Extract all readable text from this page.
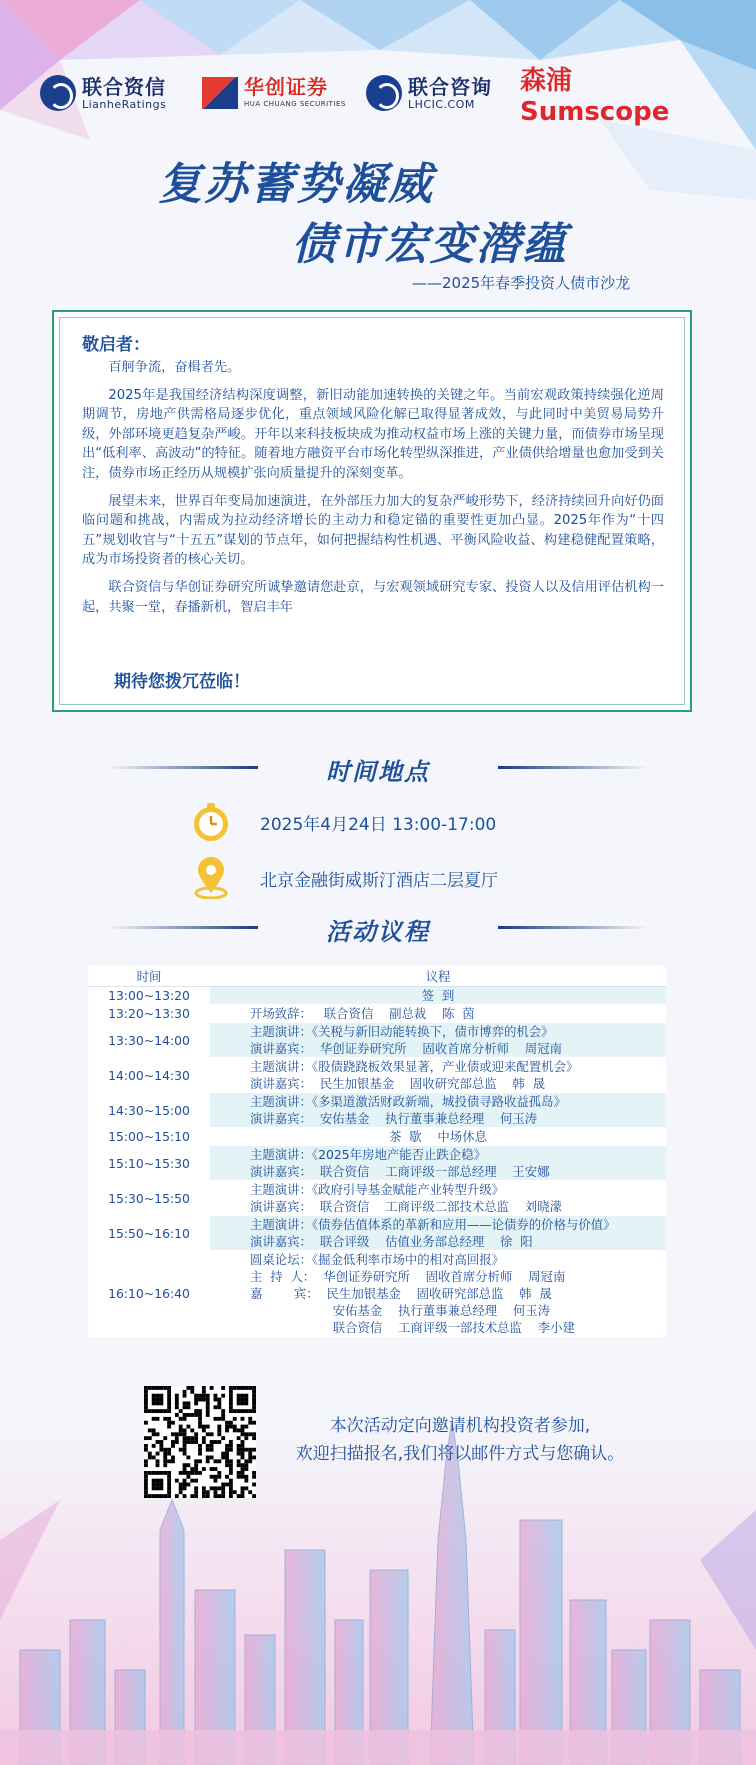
联合资信
LianheRatings
华创证券
HUA CHUANG SECURITIES
联合咨询
LHCIC.COM
森浦 Sumscope
复苏蓄势凝威
债市宏变潜蕴
——2025年春季投资人债市沙龙
敬启者：

百舸争流，奋楫者先。

2025年是我国经济结构深度调整，新旧动能加速转换的关键之年。当前宏观政策持续强化逆周期调节，房地产供需格局逐步优化，重点领域风险化解已取得显著成效，与此同时中美贸易局势升级，外部环境更趋复杂严峻。开年以来科技板块成为推动权益市场上涨的关键力量，而债券市场呈现出“低利率、高波动”的特征。随着地方融资平台市场化转型纵深推进，产业债供给增量也愈加受到关注，债券市场正经历从规模扩张向质量提升的深刻变革。

展望未来，世界百年变局加速演进，在外部压力加大的复杂严峻形势下，经济持续回升向好仍面临问题和挑战，内需成为拉动经济增长的主动力和稳定锚的重要性更加凸显。2025年作为“十四五”规划收官与“十五五”谋划的节点年，如何把握结构性机遇、平衡风险收益、构建稳健配置策略，成为市场投资者的核心关切。

联合资信与华创证券研究所诚挚邀请您赴京，与宏观领域研究专家、投资人以及信用评估机构一起，共聚一堂，春播新机，智启丰年

期待您拨冗莅临！
时间地点
2025年4月24日 13:00-17:00
北京金融街威斯汀酒店二层夏厅
活动议程
时间	议程
13:00~13:20	签  到

13:20~13:30	开场致辞：   联合资信    副总裁    陈  茵

13:30~14:00	主题演讲：《关税与新旧动能转换下，债市博弈的机会》
演讲嘉宾：  华创证券研究所    固收首席分析师    周冠南

14:00~14:30	主题演讲：《股债跷跷板效果显著，产业债或迎来配置机会》
演讲嘉宾：  民生加银基金    固收研究部总监    韩  晟

14:30~15:00	主题演讲：《多渠道激活财政新端，城投债寻路收益孤岛》
演讲嘉宾：  安佑基金    执行董事兼总经理    何玉涛

15:00~15:10	茶  歇    中场休息

15:10~15:30	主题演讲：《2025年房地产能否止跌企稳》
演讲嘉宾：  联合资信    工商评级一部总经理    王安娜

15:30~15:50	主题演讲：《政府引导基金赋能产业转型升级》
演讲嘉宾：  联合资信    工商评级二部技术总监    刘晓濛

15:50~16:10	主题演讲：《债券估值体系的革新和应用——论债券的价格与价值》
演讲嘉宾：  联合评级    估值业务部总经理    徐  阳

16:10~16:40	圆桌论坛：《掘金低利率市场中的相对高回报》
主  持  人：  华创证券研究所    固收首席分析师    周冠南
嘉        宾：  民生加银基金    固收研究部总监    韩  晟
安佑基金    执行董事兼总经理    何玉涛
联合资信    工商评级一部技术总监    李小建
本次活动定向邀请机构投资者参加,
欢迎扫描报名,我们将以邮件方式与您确认。
